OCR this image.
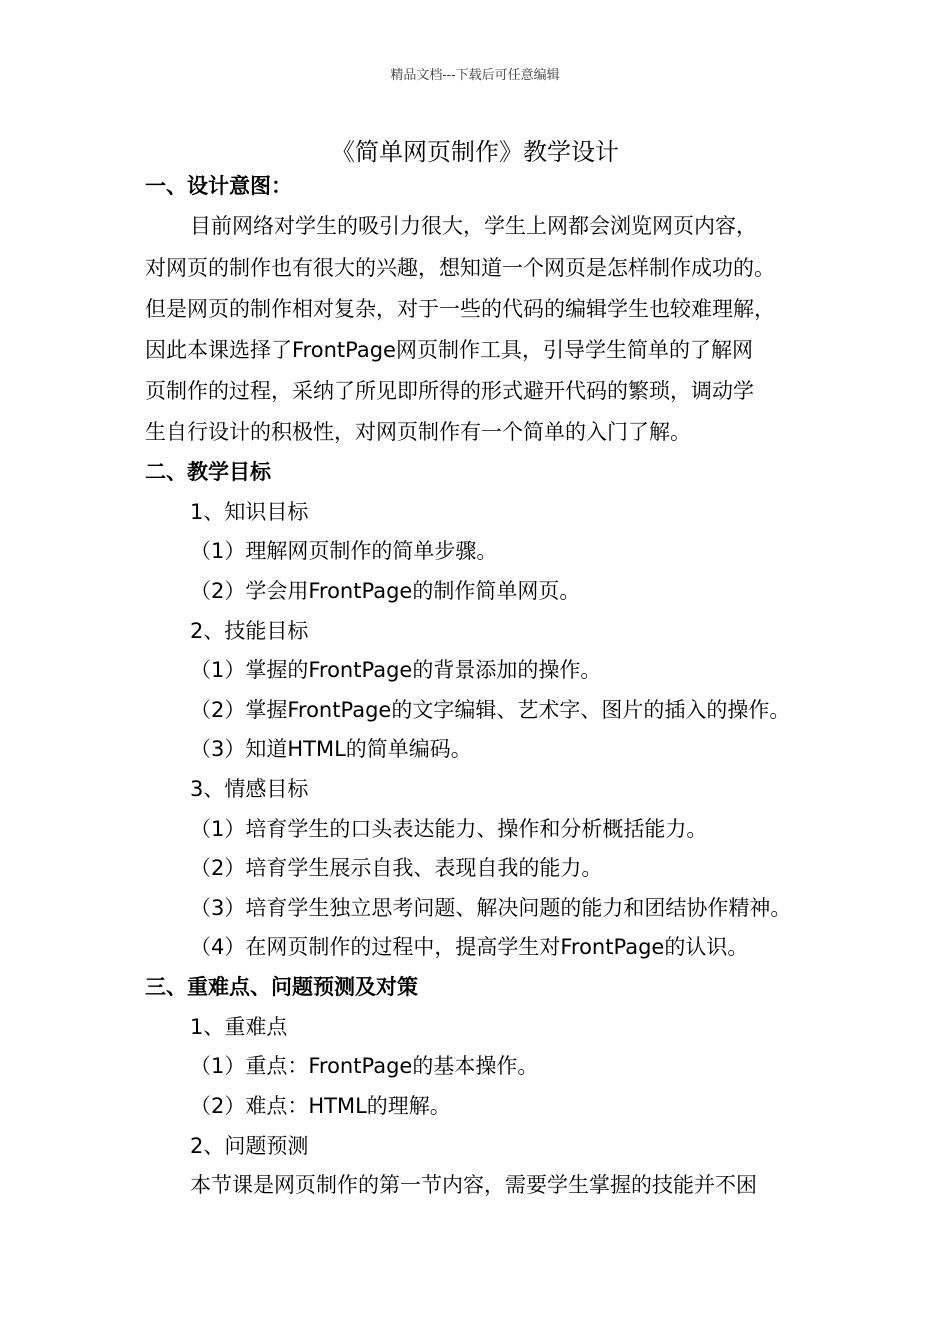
精品文档---下载后可任意编辑
《简单网页制作》教学设计
一、设计意图：
目前网络对学生的吸引力很大，学生上网都会浏览网页内容，
对网页的制作也有很大的兴趣，想知道一个网页是怎样制作成功的。
但是网页的制作相对复杂，对于一些的代码的编辑学生也较难理解，
因此本课选择了FrontPage网页制作工具，引导学生简单的了解网
页制作的过程，采纳了所见即所得的形式避开代码的繁琐，调动学
生自行设计的积极性，对网页制作有一个简单的入门了解。
二、教学目标
1、知识目标
（1）理解网页制作的简单步骤。
（2）学会用FrontPage的制作简单网页。
2、技能目标
（1）掌握的FrontPage的背景添加的操作。
（2）掌握FrontPage的文字编辑、艺术字、图片的插入的操作。
（3）知道HTML的简单编码。
3、情感目标
（1）培育学生的口头表达能力、操作和分析概括能力。
（2）培育学生展示自我、表现自我的能力。
（3）培育学生独立思考问题、解决问题的能力和团结协作精神。
（4）在网页制作的过程中，提高学生对FrontPage的认识。
三、重难点、问题预测及对策
1、重难点
（1）重点：FrontPage的基本操作。
（2）难点：HTML的理解。
2、问题预测
本节课是网页制作的第一节内容，需要学生掌握的技能并不困
